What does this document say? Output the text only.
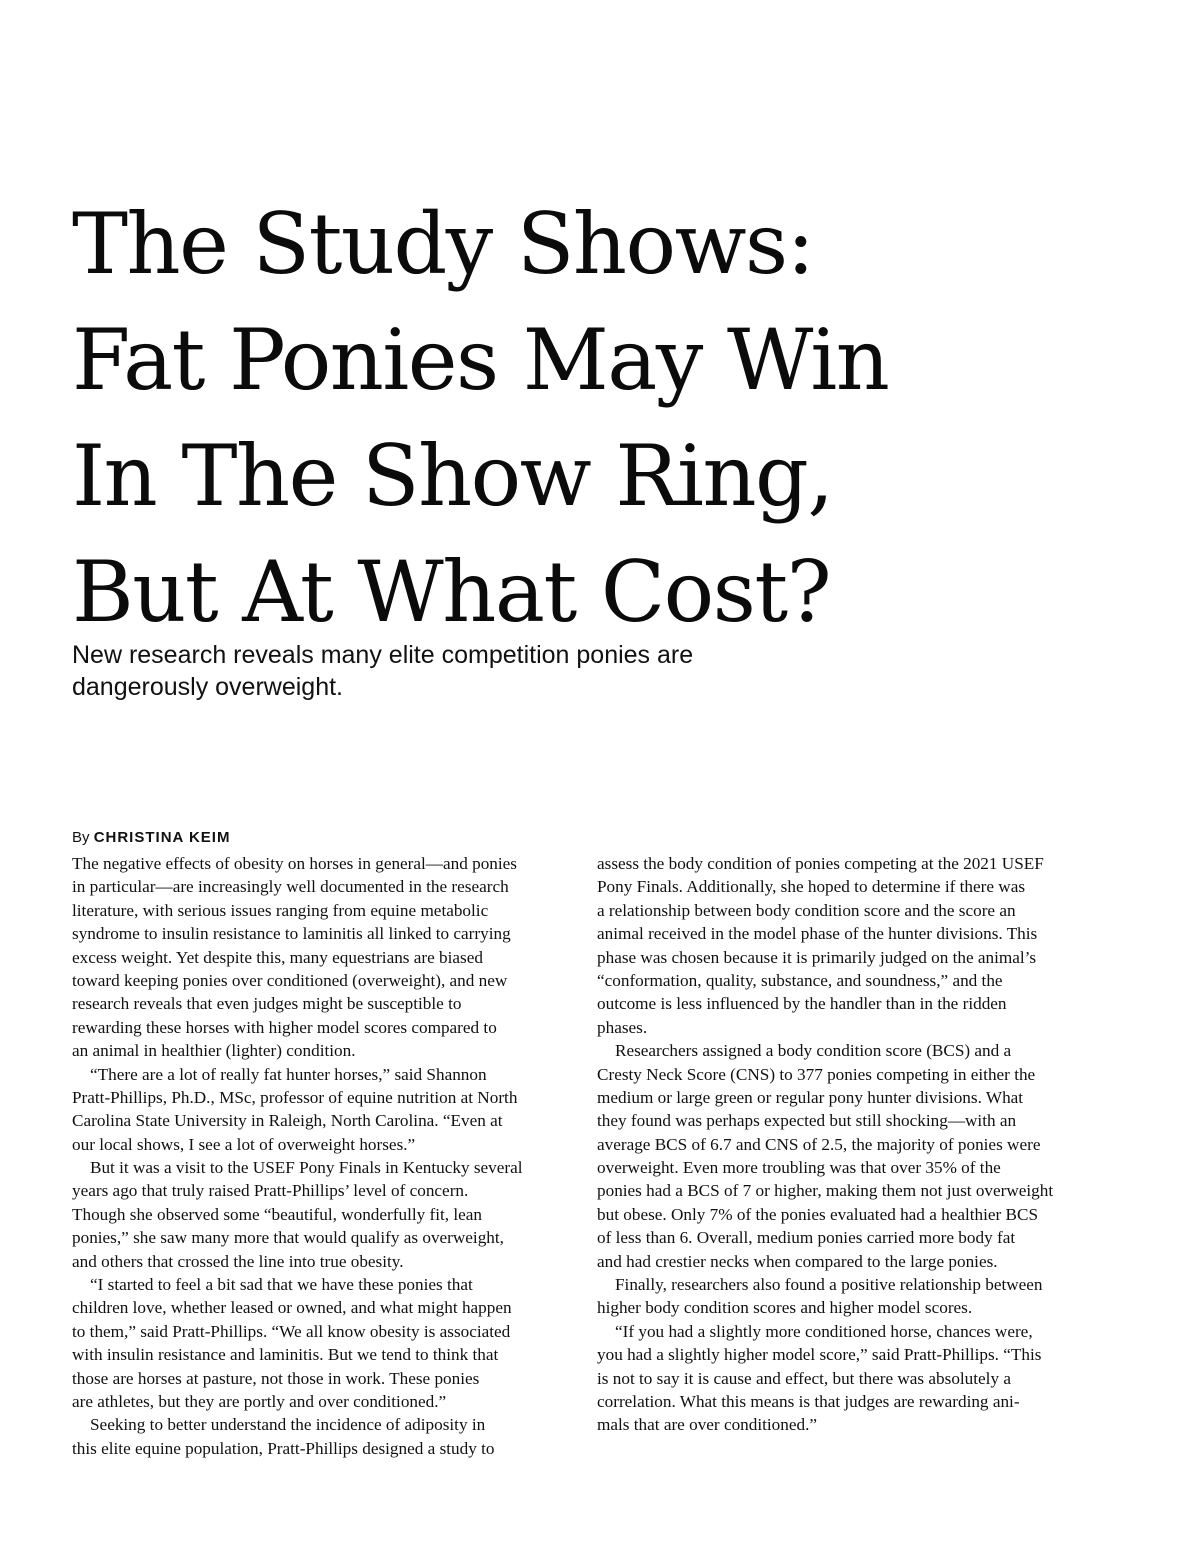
The Study Shows:
Fat Ponies May Win
In The Show Ring,
But At What Cost?

New research reveals many elite competition ponies are
dangerously overweight.

By CHRISTINA KEIM
The negative effects of obesity on horses in general—and ponies
in particular—are increasingly well documented in the research
literature, with serious issues ranging from equine metabolic
syndrome to insulin resistance to laminitis all linked to carrying
excess weight. Yet despite this, many equestrians are biased
toward keeping ponies over conditioned (overweight), and new
research reveals that even judges might be susceptible to
rewarding these horses with higher model scores compared to
an animal in healthier (lighter) condition.
“There are a lot of really fat hunter horses,” said Shannon
Pratt-Phillips, Ph.D., MSc, professor of equine nutrition at North
Carolina State University in Raleigh, North Carolina. “Even at
our local shows, I see a lot of overweight horses.”
But it was a visit to the USEF Pony Finals in Kentucky several
years ago that truly raised Pratt-Phillips’ level of concern.
Though she observed some “beautiful, wonderfully fit, lean
ponies,” she saw many more that would qualify as overweight,
and others that crossed the line into true obesity.
“I started to feel a bit sad that we have these ponies that
children love, whether leased or owned, and what might happen
to them,” said Pratt-Phillips. “We all know obesity is associated
with insulin resistance and laminitis. But we tend to think that
those are horses at pasture, not those in work. These ponies
are athletes, but they are portly and over conditioned.”
Seeking to better understand the incidence of adiposity in
this elite equine population, Pratt-Phillips designed a study to
assess the body condition of ponies competing at the 2021 USEF
Pony Finals. Additionally, she hoped to determine if there was
a relationship between body condition score and the score an
animal received in the model phase of the hunter divisions. This
phase was chosen because it is primarily judged on the animal’s
“conformation, quality, substance, and soundness,” and the
outcome is less influenced by the handler than in the ridden
phases.
Researchers assigned a body condition score (BCS) and a
Cresty Neck Score (CNS) to 377 ponies competing in either the
medium or large green or regular pony hunter divisions. What
they found was perhaps expected but still shocking—with an
average BCS of 6.7 and CNS of 2.5, the majority of ponies were
overweight. Even more troubling was that over 35% of the
ponies had a BCS of 7 or higher, making them not just overweight
but obese. Only 7% of the ponies evaluated had a healthier BCS
of less than 6. Overall, medium ponies carried more body fat
and had crestier necks when compared to the large ponies.
Finally, researchers also found a positive relationship between
higher body condition scores and higher model scores.
“If you had a slightly more conditioned horse, chances were,
you had a slightly higher model score,” said Pratt-Phillips. “This
is not to say it is cause and effect, but there was absolutely a
correlation. What this means is that judges are rewarding ani-
mals that are over conditioned.”
